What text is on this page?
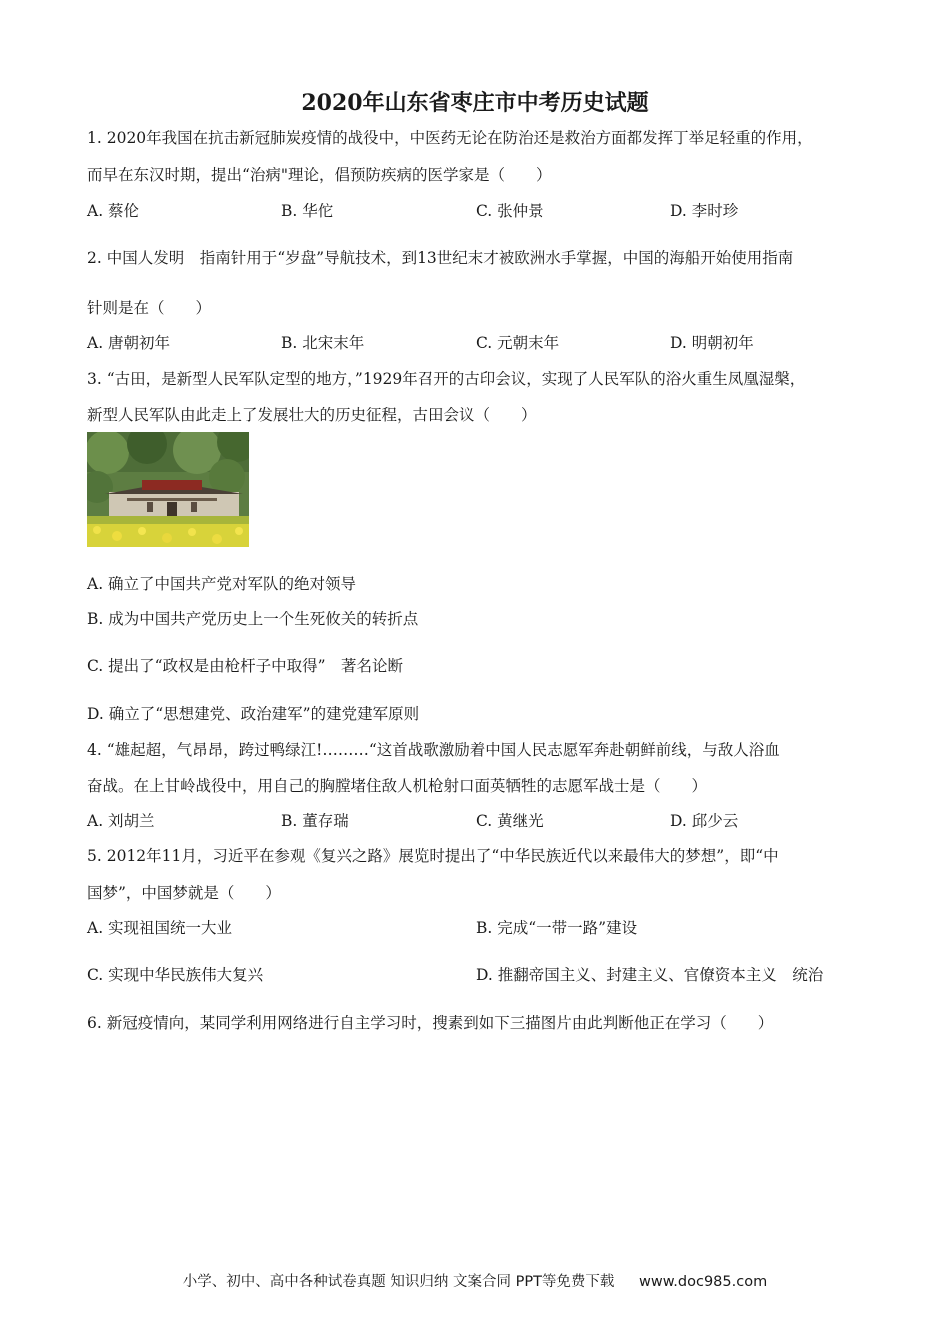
2020年山东省枣庄市中考历史试题
1. 2020年我国在抗击新冠肺炭疫情的战役中，中医药无论在防治还是救治方面都发挥丁举足轻重的作用，
而早在东汉时期，提出“治病"理论，倡预防疾病的医学家是（　　）
A. 蔡伦	B. 华佗	C. 张仲景	D. 李时珍
2. 中国人发明　指南针用于“岁盘”导航技术，到13世纪末才被欧洲水手掌握，中国的海船开始使用指南
针则是在（　　）
A. 唐朝初年	B. 北宋末年	C. 元朝末年	D. 明朝初年
3. “古田，是新型人民军队定型的地方，”1929年召开的古印会议，实现了人民军队的浴火重生凤凰湿槃，
新型人民军队由此走上了发展壮大的历史征程，古田会议（　　）
A. 确立了中国共产党对军队的绝对领导
B. 成为中国共产党历史上一个生死攸关的转折点
C. 提出了“政权是由枪杆子中取得”　著名论断
D. 确立了“思想建党、政治建军”的建党建军原则
4. “雄起超，气昂昂，跨过鸭绿江!………“这首战歌激励着中国人民志愿军奔赴朝鲜前线，与敌人浴血
奋战。在上甘岭战役中，用自己的胸膛堵住敌人机枪射口面英牺牲的志愿军战士是（　　）
A. 刘胡兰	B. 董存瑞	C. 黄继光	D. 邱少云
5. 2012年11月，习近平在参观《复兴之路》展览时提出了“中华民族近代以来最伟大的梦想”，即“中
国梦”，中国梦就是（　　）
A. 实现祖国统一大业	B. 完成“一带一路”建设
C. 实现中华民族伟大复兴	D. 推翻帝国主义、封建主义、官僚资本主义　统治
6. 新冠疫情向，某同学利用网络进行自主学习时，搜素到如下三描图片由此判断他正在学习（　　）
小学、初中、高中各种试卷真题 知识归纳 文案合同 PPT等免费下载 www.doc985.com
